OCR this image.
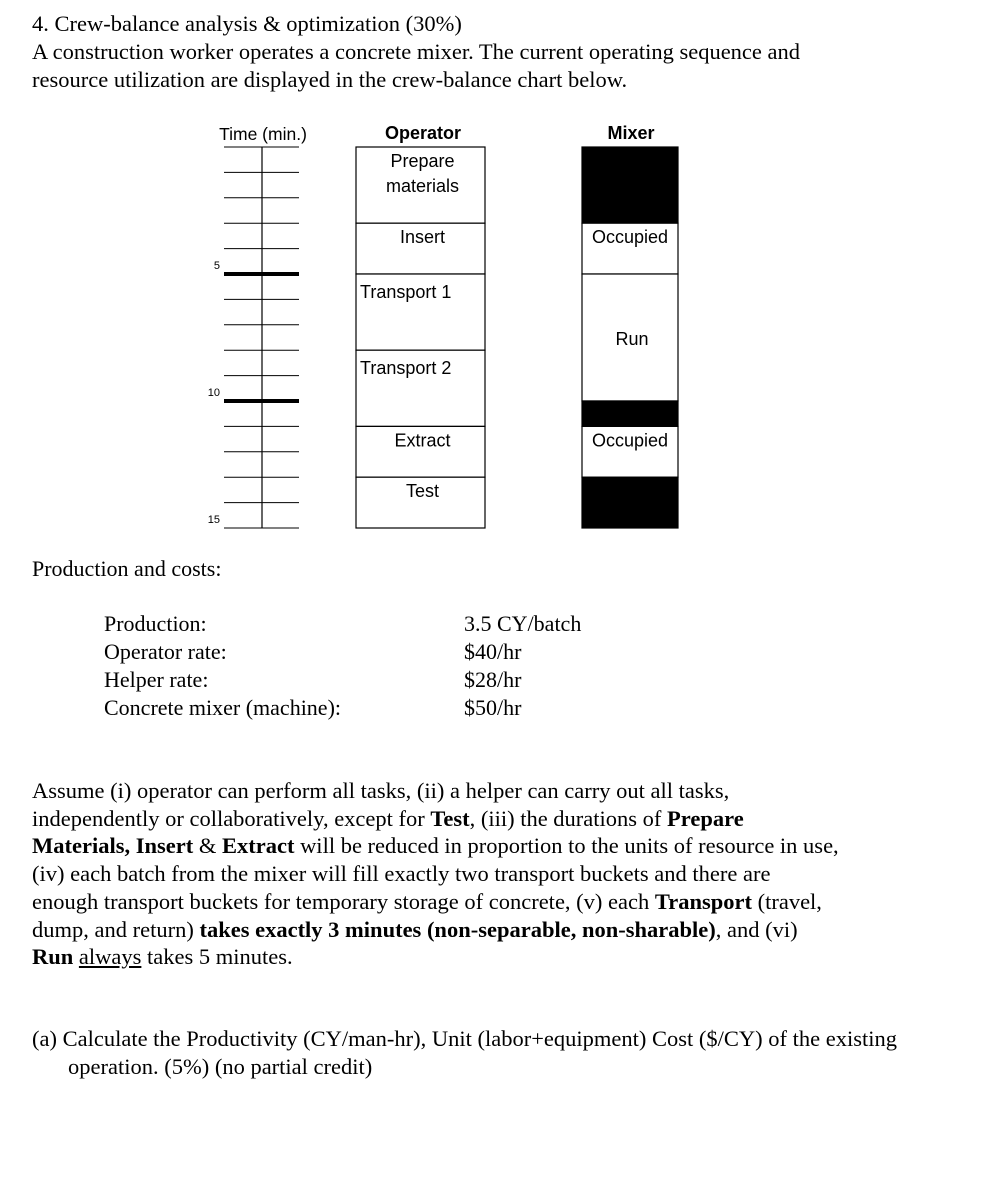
4. Crew-balance analysis & optimization (30%)
A construction worker operates a concrete mixer. The current operating sequence and
resource utilization are displayed in the crew-balance chart below.
Time (min.)
5
10
15
Operator
Prepare
materials
Insert
Transport 1
Transport 2
Extract
Test
Mixer
Occupied
Run
Occupied
Production and costs:
Production:
Operator rate:
Helper rate:
Concrete mixer (machine):
3.5 CY/batch
$40/hr
$28/hr
$50/hr
Assume (i) operator can perform all tasks, (ii) a helper can carry out all tasks,
independently or collaboratively, except for Test, (iii) the durations of Prepare
Materials, Insert & Extract will be reduced in proportion to the units of resource in use,
(iv) each batch from the mixer will fill exactly two transport buckets and there are
enough transport buckets for temporary storage of concrete, (v) each Transport (travel,
dump, and return) takes exactly 3 minutes (non-separable, non-sharable), and (vi)
Run always takes 5 minutes.
(a) Calculate the Productivity (CY/man-hr), Unit (labor+equipment) Cost ($/CY) of the existing
operation. (5%) (no partial credit)
